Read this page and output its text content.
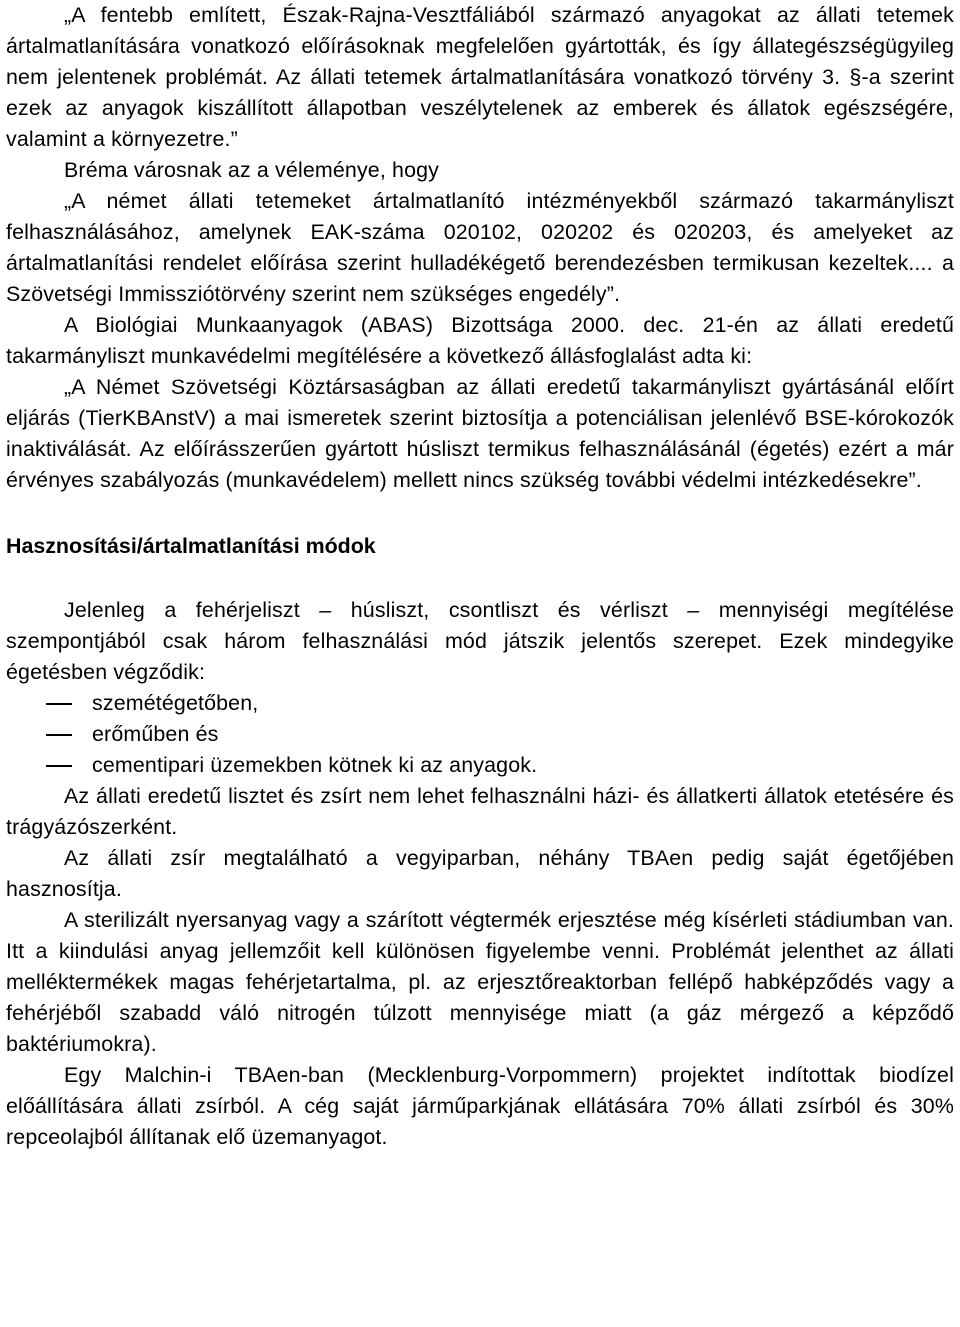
„A fentebb említett, Észak-Rajna-Vesztfáliából származó anyagokat az állati tetemek ártalmatlanítására vonatkozó előírásoknak megfelelően gyártották, és így állategészségügyileg nem jelentenek problémát. Az állati tetemek ártalmatlanítására vonatkozó törvény 3. §-a szerint ezek az anyagok kiszállított állapotban veszélytelenek az emberek és állatok egészségére, valamint a környezetre.”

Bréma városnak az a véleménye, hogy

„A német állati tetemeket ártalmatlanító intézményekből származó takarmányliszt felhasználásához, amelynek EAK-száma 020102, 020202 és 020203, és amelyeket az ártalmatlanítási rendelet előírása szerint hulladékégető berendezésben termikusan kezeltek.... a Szövetségi Immissziótörvény szerint nem szükséges engedély”.

A Biológiai Munkaanyagok (ABAS) Bizottsága 2000. dec. 21-én az állati eredetű takarmányliszt munkavédelmi megítélésére a következő állásfoglalást adta ki:

„A Német Szövetségi Köztársaságban az állati eredetű takarmányliszt gyártásánál előírt eljárás (TierKBAnstV) a mai ismeretek szerint biztosítja a potenciálisan jelenlévő BSE-kórokozók inaktiválását. Az előírásszerűen gyártott húsliszt termikus felhasználásánál (égetés) ezért a már érvényes szabályozás (munkavédelem) mellett nincs szükség további védelmi intézkedésekre”.

Hasznosítási/ártalmatlanítási módok

Jelenleg a fehérjeliszt – húsliszt, csontliszt és vérliszt – mennyiségi megítélése szempontjából csak három felhasználási mód játszik jelentős szerepet. Ezek mindegyike égetésben végződik:

szemétégetőben,
erőműben és
cementipari üzemekben kötnek ki az anyagok.

Az állati eredetű lisztet és zsírt nem lehet felhasználni házi- és állatkerti állatok etetésére és trágyázószerként.

Az állati zsír megtalálható a vegyiparban, néhány TBAen pedig saját égetőjében hasznosítja.

A sterilizált nyersanyag vagy a szárított végtermék erjesztése még kísérleti stádiumban van. Itt a kiindulási anyag jellemzőit kell különösen figyelembe venni. Problémát jelenthet az állati melléktermékek magas fehérjetartalma, pl. az erjesztőreaktorban fellépő habképződés vagy a fehérjéből szabadd váló nitrogén túlzott mennyisége miatt (a gáz mérgező a képződő baktériumokra).

Egy Malchin-i TBAen-ban (Mecklenburg-Vorpommern) projektet indítottak biodízel előállítására állati zsírból. A cég saját járműparkjának ellátására 70% állati zsírból és 30% repceolajból állítanak elő üzemanyagot.
